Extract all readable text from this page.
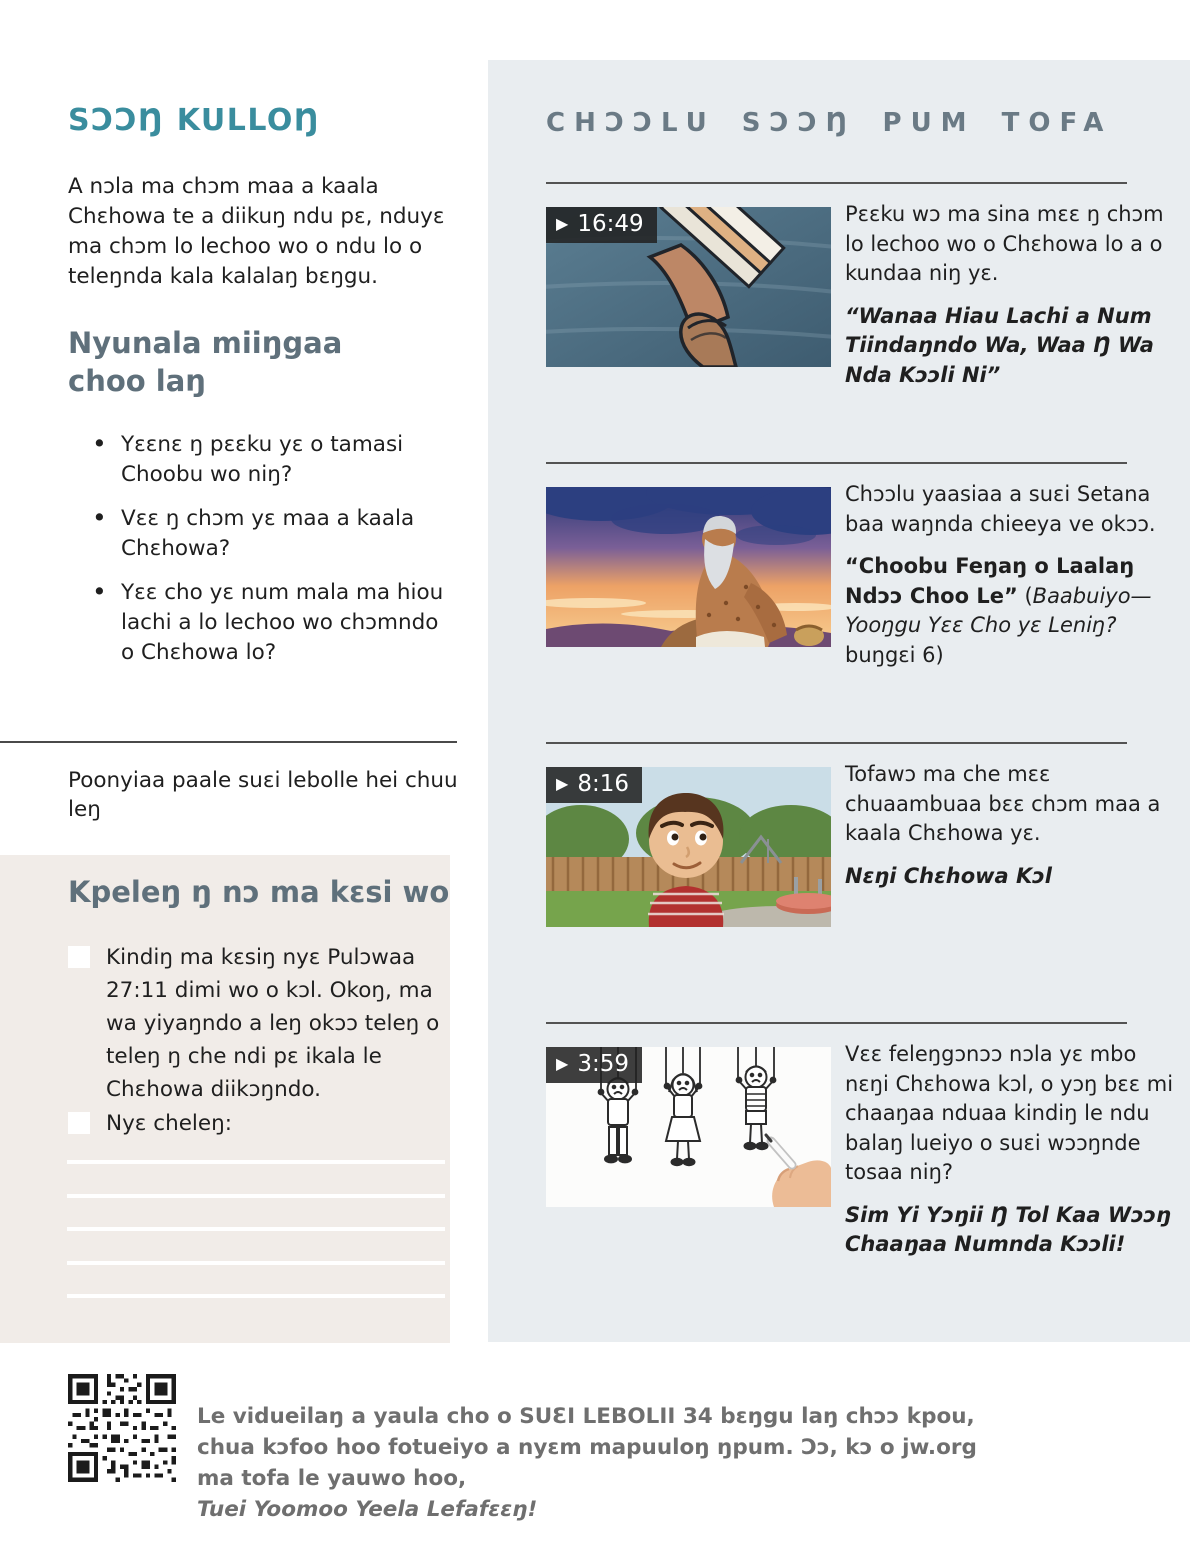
SƆƆŊ KULLOŊ

A nɔla ma chɔm maa a kaala Chɛhowa te a diikuŋ ndu pɛ, nduyɛ ma chɔm lo lechoo wo o ndu lo o teleŋnda kala kalalaŋ bɛŋgu.

Nyunala miiŋgaa choo laŋ
• Yɛɛnɛ ŋ pɛɛku yɛ o tamasi Choobu wo niŋ?
• Vɛɛ ŋ chɔm yɛ maa a kaala Chɛhowa?
• Yɛɛ cho yɛ num mala ma hiou lachi a lo lechoo wo chɔmndo o Chɛhowa lo?

Poonyiaa paale suɛi lebolle hei chuu leŋ

Kpeleŋ ŋ nɔ ma kɛsi wo

Kindiŋ ma kɛsiŋ nyɛ Pulɔwaa 27:11 dimi wo o kɔl. Okoŋ, ma wa yiyaŋndo a leŋ okɔɔ teleŋ o teleŋ ŋ che ndi pɛ ikala le Chɛhowa diikɔŋndo.

Nyɛ cheleŋ:

CHƆƆLU SƆƆŊ PUM TOFA
▶ 16:49	Pɛɛku wɔ ma sina mɛɛ ŋ chɔm lo lechoo wo o Chɛhowa lo a o kundaa niŋ yɛ.

“Wanaa Hiau Lachi a Num Tiindaŋndo Wa, Waa Ŋ Wa Nda Kɔɔli Ni”

Chɔɔlu yaasiaa a suɛi Setana baa waŋnda chieeya ve okɔɔ.

“Choobu Feŋaŋ o Laalaŋ Ndɔɔ Choo Le” (Baabuiyo—Yooŋgu Yɛɛ Cho yɛ Leniŋ? buŋgɛi 6)

▶ 8:16	Tofawɔ ma che mɛɛ chuaambuaa bɛɛ chɔm maa a kaala Chɛhowa yɛ.

Nɛŋi Chɛhowa Kɔl

▶ 3:59	Vɛɛ feleŋgɔnɔɔ nɔla yɛ mbo nɛŋi Chɛhowa kɔl, o yɔŋ bɛɛ mi chaaŋaa nduaa kindiŋ le ndu balaŋ lueiyo o suɛi wɔɔŋnde tosaa niŋ?

Sim Yi Yɔŋii Ŋ Tol Kaa Wɔɔŋ Chaaŋaa Numnda Kɔɔli!

Le vidueilaŋ a yaula cho o SUƐI LEBOLII 34 bɛŋgu laŋ chɔɔ kpou,
chua kɔfoo hoo fotueiyo a nyɛm mapuuloŋ ŋpum. Ɔɔ, kɔ o jw.org
ma tofa le yauwo hoo,
Tuei Yoomoo Yeela Lefafɛɛŋ!
